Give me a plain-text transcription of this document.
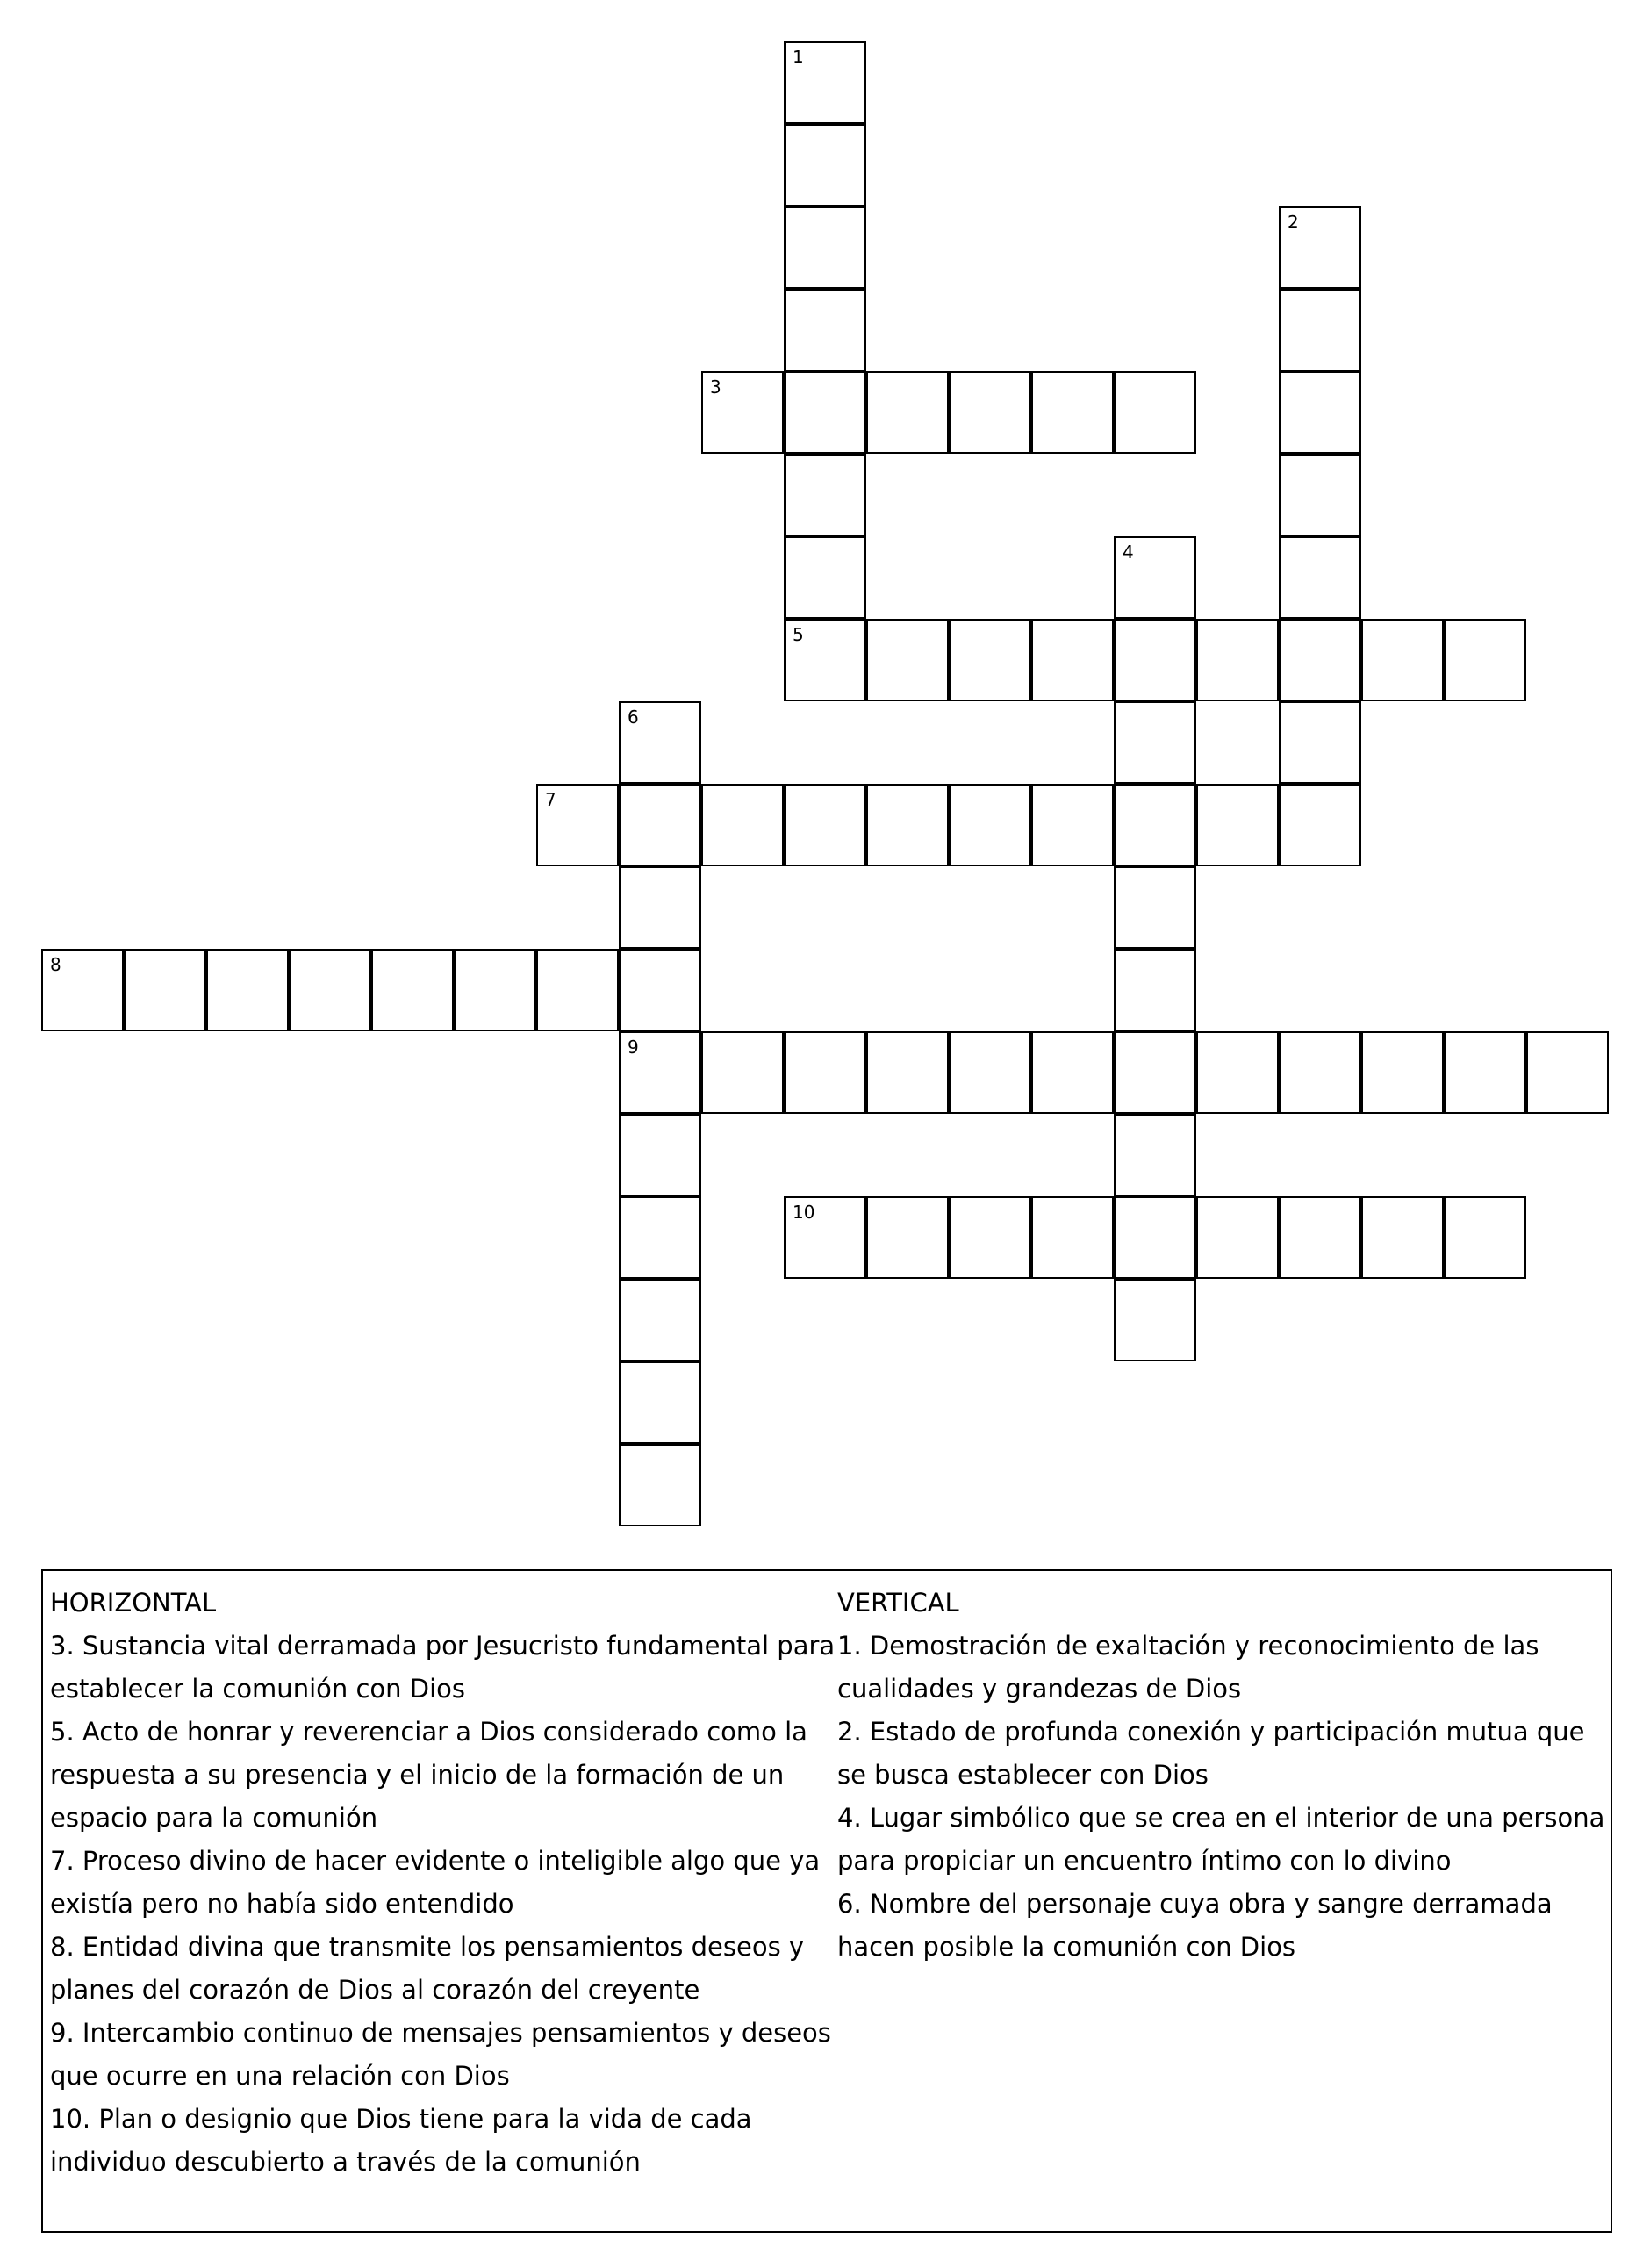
1
5
2
3
4
6
9
7
8
10
HORIZONTAL
3. Sustancia vital derramada por Jesucristo fundamental para establecer la comunión con Dios
5. Acto de honrar y reverenciar a Dios considerado como la respuesta a su presencia y el inicio de la formación de un espacio para la comunión
7. Proceso divino de hacer evidente o inteligible algo que ya existía pero no había sido entendido
8. Entidad divina que transmite los pensamientos deseos y planes del corazón de Dios al corazón del creyente
9. Intercambio continuo de mensajes pensamientos y deseos que ocurre en una relación con Dios
10. Plan o designio que Dios tiene para la vida de cada individuo descubierto a través de la comunión
VERTICAL
1. Demostración de exaltación y reconocimiento de las cualidades y grandezas de Dios
2. Estado de profunda conexión y participación mutua que se busca establecer con Dios
4. Lugar simbólico que se crea en el interior de una persona para propiciar un encuentro íntimo con lo divino
6. Nombre del personaje cuya obra y sangre derramada hacen posible la comunión con Dios
